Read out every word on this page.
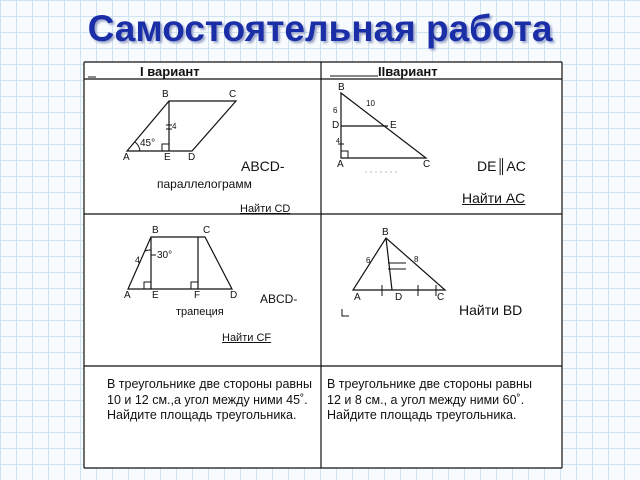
Самостоятельная работа
I вариант	IIвариант
B	C
A	E D
45°
4
ABCD-
параллелограмм
Найти CD
B
D	E
A	C
10
6
4
DE║AC
Найти AC
B	C
A E	F	D
4 30°
ABCD-
трапеция
Найти CF
B
A	D	C
6	8
Найти BD
В треугольнике две стороны равны 10 и 12 см.,а угол между ними 45˚. Найдите площадь треугольника.
В треугольнике две стороны равны 12 и 8 см., а угол между ними 60˚. Найдите площадь треугольника.
